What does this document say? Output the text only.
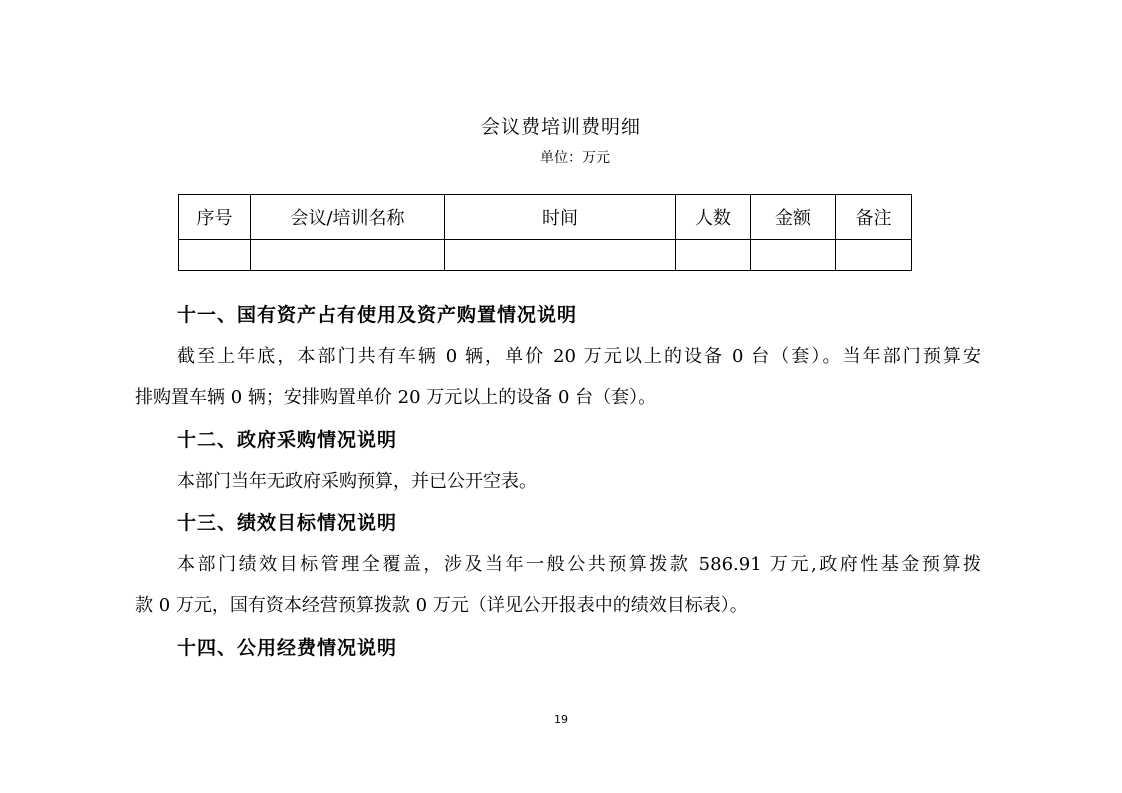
会议费培训费明细
单位：万元
序号	会议/培训名称	时间	人数	金额	备注

十一、国有资产占有使用及资产购置情况说明
截至上年底，本部门共有车辆 0 辆，单价 20 万元以上的设备 0 台（套）。当年部门预算安
排购置车辆 0 辆；安排购置单价 20 万元以上的设备 0 台（套）。
十二、政府采购情况说明
本部门当年无政府采购预算，并已公开空表。
十三、绩效目标情况说明
本部门绩效目标管理全覆盖，涉及当年一般公共预算拨款 586.91 万元,政府性基金预算拨
款 0 万元，国有资本经营预算拨款 0 万元（详见公开报表中的绩效目标表）。
十四、公用经费情况说明
19
